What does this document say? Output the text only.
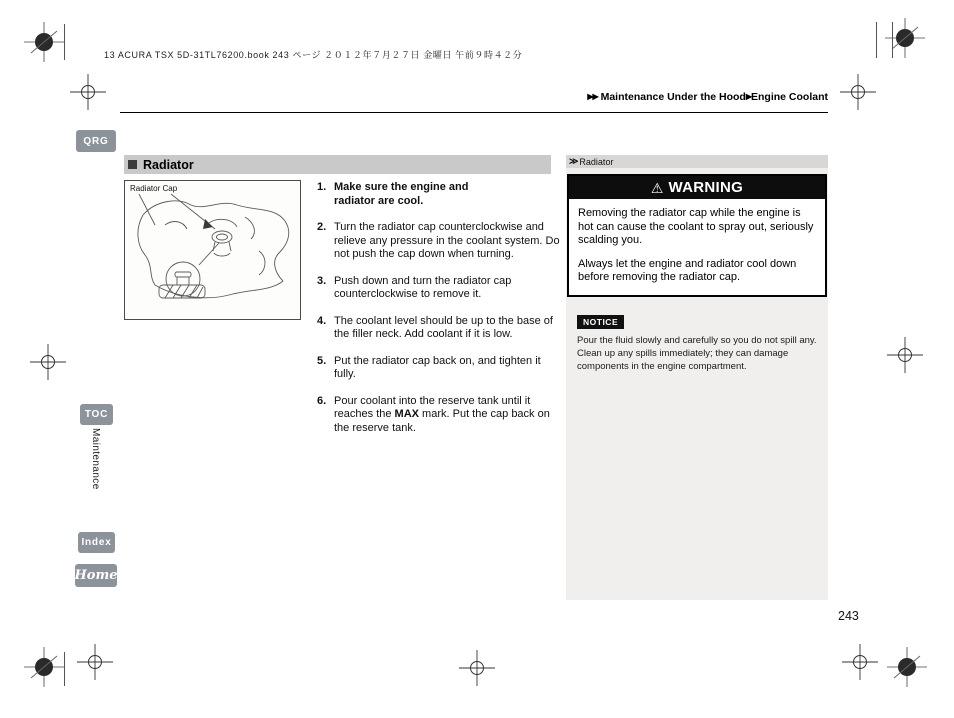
13 ACURA TSX 5D-31TL76200.book 243 ページ ２０１２年７月２７日 金曜日 午前９時４２分
▶▶ Maintenance Under the Hood▶Engine Coolant
QRG
TOC
Maintenance
Index
Home
Radiator
Radiator Cap	1. Make sure the engine and radiator are cool.
2. Turn the radiator cap counterclockwise and relieve any pressure in the coolant system. Do not push the cap down when turning.
3. Push down and turn the radiator cap counterclockwise to remove it.
4. The coolant level should be up to the base of the filler neck. Add coolant if it is low.
5. Put the radiator cap back on, and tighten it fully.
6. Pour coolant into the reserve tank until it reaches the MAX mark. Put the cap back on the reserve tank.
≫ Radiator
⚠ WARNING

Removing the radiator cap while the engine is hot can cause the coolant to spray out, seriously scalding you.

Always let the engine and radiator cool down before removing the radiator cap.

NOTICE
Pour the fluid slowly and carefully so you do not spill any. Clean up any spills immediately; they can damage components in the engine compartment.
243
